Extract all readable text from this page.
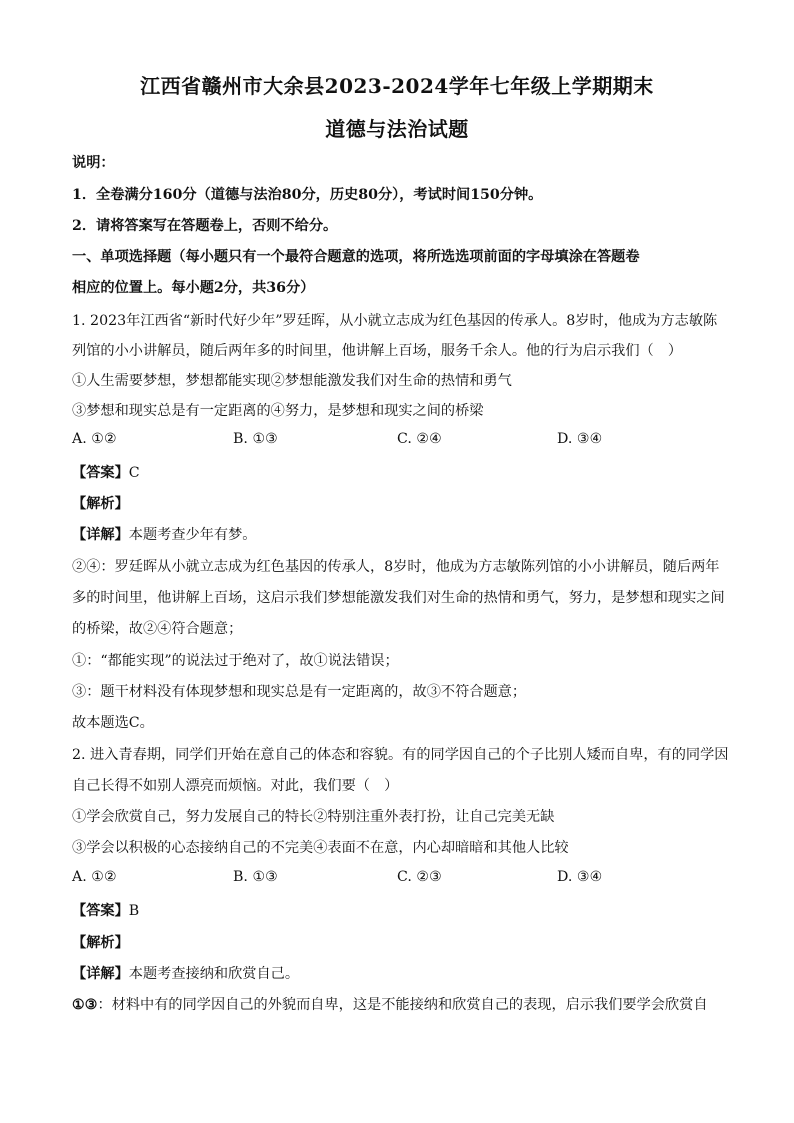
江西省赣州市大余县2023-2024学年七年级上学期期末
道德与法治试题
说明：
1．全卷满分160分（道德与法治80分，历史80分），考试时间150分钟。
2．请将答案写在答题卷上，否则不给分。
一、单项选择题（每小题只有一个最符合题意的选项，将所选选项前面的字母填涂在答题卷
相应的位置上。每小题2分，共36分）
1. 2023年江西省“新时代好少年”罗廷晖，从小就立志成为红色基因的传承人。8岁时，他成为方志敏陈
列馆的小小讲解员，随后两年多的时间里，他讲解上百场，服务千余人。他的行为启示我们（　）
①人生需要梦想，梦想都能实现②梦想能激发我们对生命的热情和勇气
③梦想和现实总是有一定距离的④努力，是梦想和现实之间的桥梁
A. ①②	B. ①③	C. ②④	D. ③④
【答案】C
【解析】
【详解】本题考查少年有梦。
②④：罗廷晖从小就立志成为红色基因的传承人，8岁时，他成为方志敏陈列馆的小小讲解员，随后两年
多的时间里，他讲解上百场，这启示我们梦想能激发我们对生命的热情和勇气，努力，是梦想和现实之间
的桥梁，故②④符合题意；
①：“都能实现”的说法过于绝对了，故①说法错误；
③：题干材料没有体现梦想和现实总是有一定距离的，故③不符合题意；
故本题选C。
2. 进入青春期，同学们开始在意自己的体态和容貌。有的同学因自己的个子比别人矮而自卑，有的同学因
自己长得不如别人漂亮而烦恼。对此，我们要（　）
①学会欣赏自己，努力发展自己的特长②特别注重外表打扮，让自己完美无缺
③学会以积极的心态接纳自己的不完美④表面不在意，内心却暗暗和其他人比较
A. ①②	B. ①③	C. ②③	D. ③④
【答案】B
【解析】
【详解】本题考查接纳和欣赏自己。
①③：材料中有的同学因自己的外貌而自卑，这是不能接纳和欣赏自己的表现，启示我们要学会欣赏自
